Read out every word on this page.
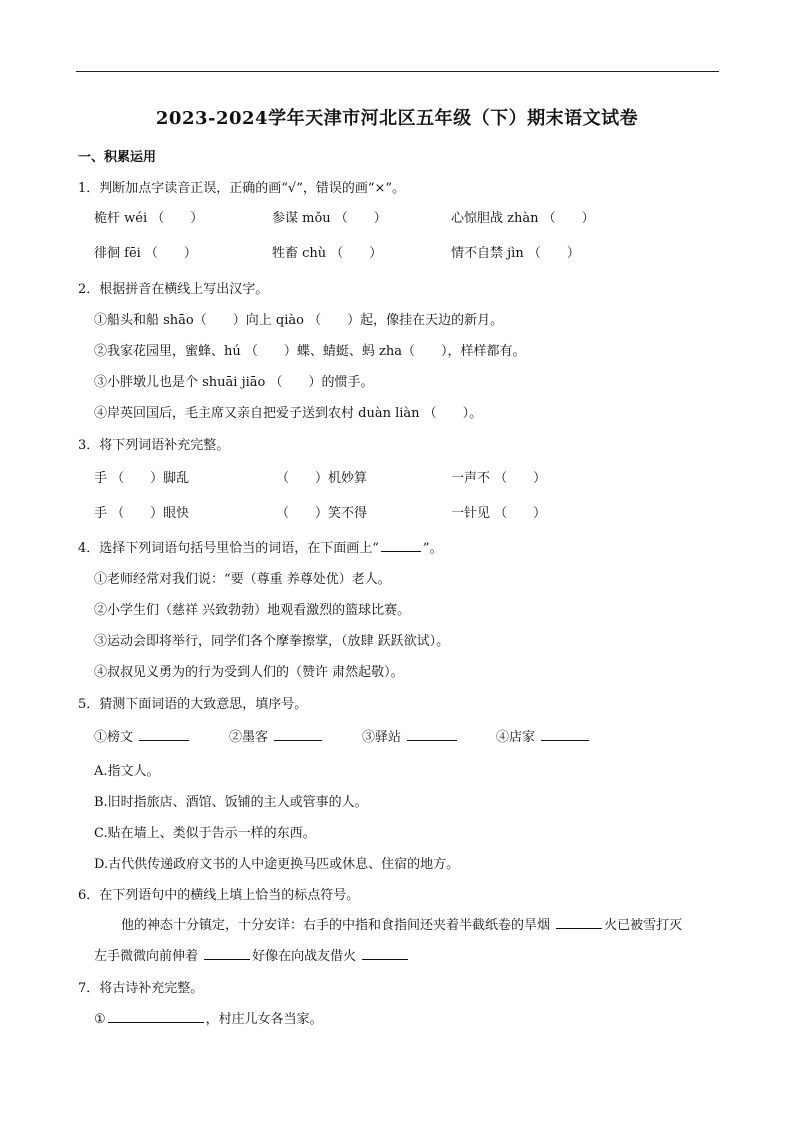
2023-2024学年天津市河北区五年级（下）期末语文试卷
一、积累运用
1．判断加点字读音正误，正确的画“√”，错误的画“×”。
桅杆 wéi （　　）	参谋 mǒu （　　）	心惊胆战 zhàn （　　）
徘徊 fēi （　　）	牲畜 chù （　　）	情不自禁 jìn （　　）
2．根据拼音在横线上写出汉字。
①船头和船 shāo（　　）向上 qiào （　　）起，像挂在天边的新月。
②我家花园里，蜜蜂、hú （　　）蝶、蜻蜓、蚂 zha（　　），样样都有。
③小胖墩儿也是个 shuāi jiāo （　　）的惯手。
④岸英回国后，毛主席又亲自把爱子送到农村 duàn liàn （　　）。
3．将下列词语补充完整。
手 （　　）脚乱	（　　）机妙算	一声不 （　　）
手 （　　）眼快	（　　）笑不得	一针见 （　　）
4．选择下列词语句括号里恰当的词语，在下面画上“	”。
①老师经常对我们说：“要（尊重 养尊处优）老人。
②小学生们（慈祥 兴致勃勃）地观看激烈的篮球比赛。
③运动会即将举行，同学们各个摩拳擦掌，（放肆 跃跃欲试）。
④叔叔见义勇为的行为受到人们的（赞许 肃然起敬）。
5．猜测下面词语的大致意思，填序号。
①榜文	②墨客	③驿站	④店家
A.指文人。
B.旧时指旅店、酒馆、饭铺的主人或管事的人。
C.贴在墙上、类似于告示一样的东西。
D.古代供传递政府文书的人中途更换马匹或休息、住宿的地方。
6．在下列语句中的横线上填上恰当的标点符号。
他的神态十分镇定，十分安详：右手的中指和食指间还夹着半截纸卷的旱烟	火已被雪打灭
左手微微向前伸着	好像在向战友借火
7．将古诗补充完整。
①	，村庄儿女各当家。
